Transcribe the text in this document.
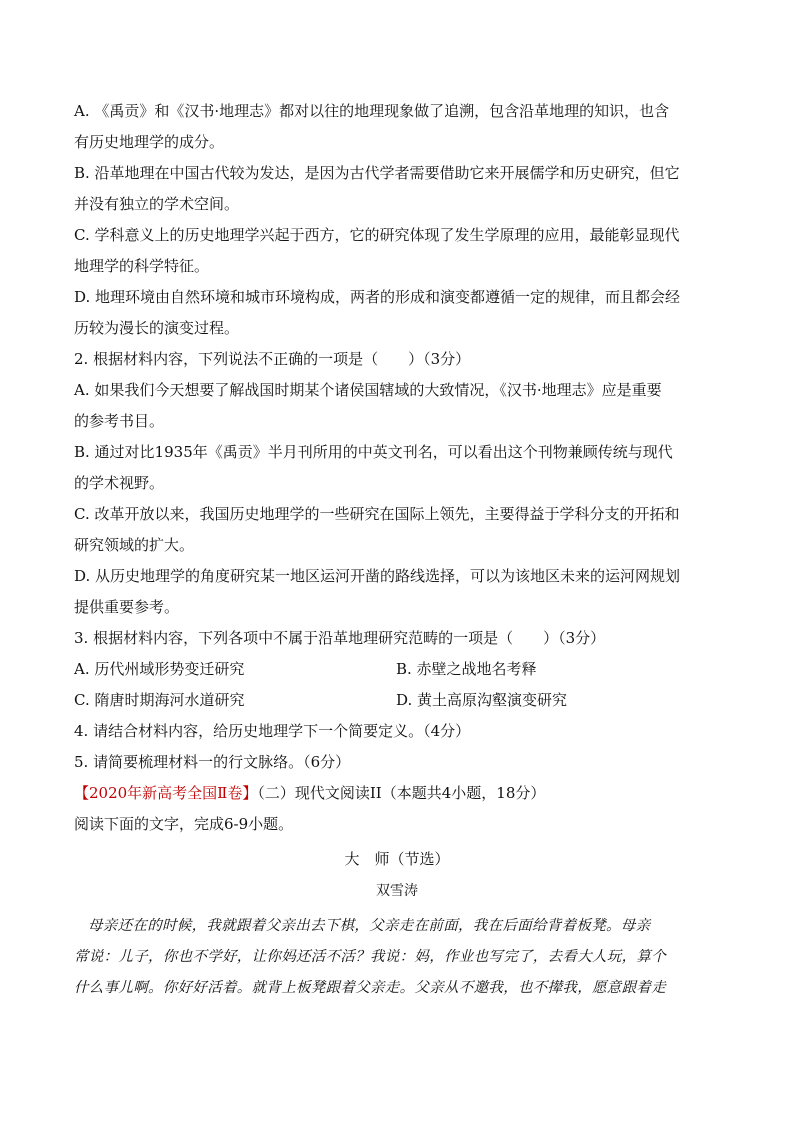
A. 《禹贡》和《汉书·地理志》都对以往的地理现象做了追溯，包含沿革地理的知识，也含
有历史地理学的成分。
B. 沿革地理在中国古代较为发达，是因为古代学者需要借助它来开展儒学和历史研究，但它
并没有独立的学术空间。
C. 学科意义上的历史地理学兴起于西方，它的研究体现了发生学原理的应用，最能彰显现代
地理学的科学特征。
D. 地理环境由自然环境和城市环境构成，两者的形成和演变都遵循一定的规律，而且都会经
历较为漫长的演变过程。
2. 根据材料内容，下列说法不正确的一项是（　　）（3分）
A. 如果我们今天想要了解战国时期某个诸侯国辖域的大致情况，《汉书·地理志》应是重要
的参考书目。
B. 通过对比1935年《禹贡》半月刊所用的中英文刊名，可以看出这个刊物兼顾传统与现代
的学术视野。
C. 改革开放以来，我国历史地理学的一些研究在国际上领先，主要得益于学科分支的开拓和
研究领域的扩大。
D. 从历史地理学的角度研究某一地区运河开凿的路线选择，可以为该地区未来的运河网规划
提供重要参考。
3. 根据材料内容，下列各项中不属于沿革地理研究范畴的一项是（　　）（3分）
A. 历代州域形势变迁研究	B. 赤壁之战地名考释
C. 隋唐时期海河水道研究	D. 黄土高原沟壑演变研究
4. 请结合材料内容，给历史地理学下一个简要定义。（4分）
5. 请简要梳理材料一的行文脉络。（6分）
【2020年新高考全国Ⅱ卷】（二）现代文阅读II（本题共4小题，18分）
阅读下面的文字，完成6-9小题。
大　师（节选）
双雪涛
母亲还在的时候，我就跟着父亲出去下棋，父亲走在前面，我在后面给背着板凳。母亲
常说：儿子，你也不学好，让你妈还活不活？我说：妈，作业也写完了，去看大人玩，算个
什么事儿啊。你好好活着。就背上板凳跟着父亲走。父亲从不邀我，也不撵我，愿意跟着走
